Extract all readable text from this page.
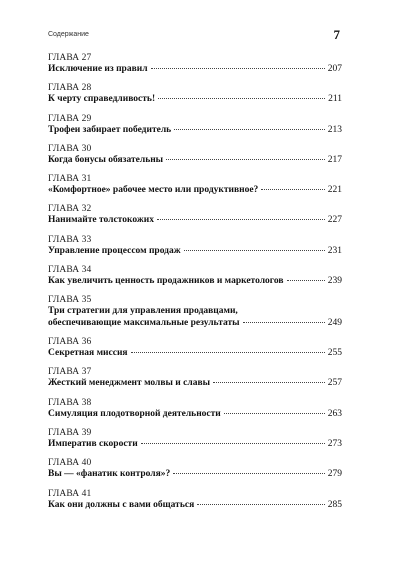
Содержание	7
ГЛАВА 27
Исключение из правил	207
ГЛАВА 28
К черту справедливость!	211
ГЛАВА 29
Трофеи забирает победитель	213
ГЛАВА 30
Когда бонусы обязательны	217
ГЛАВА 31
«Комфортное» рабочее место или продуктивное?	221
ГЛАВА 32
Нанимайте толстокожих	227
ГЛАВА 33
Управление процессом продаж	231
ГЛАВА 34
Как увеличить ценность продажников и маркетологов	239
ГЛАВА 35
Три стратегии для управления продавцами,
обеспечивающие максимальные результаты	249
ГЛАВА 36
Секретная миссия	255
ГЛАВА 37
Жесткий менеджмент молвы и славы	257
ГЛАВА 38
Симуляция плодотворной деятельности	263
ГЛАВА 39
Императив скорости	273
ГЛАВА 40
Вы — «фанатик контроля»?	279
ГЛАВА 41
Как они должны с вами общаться	285
